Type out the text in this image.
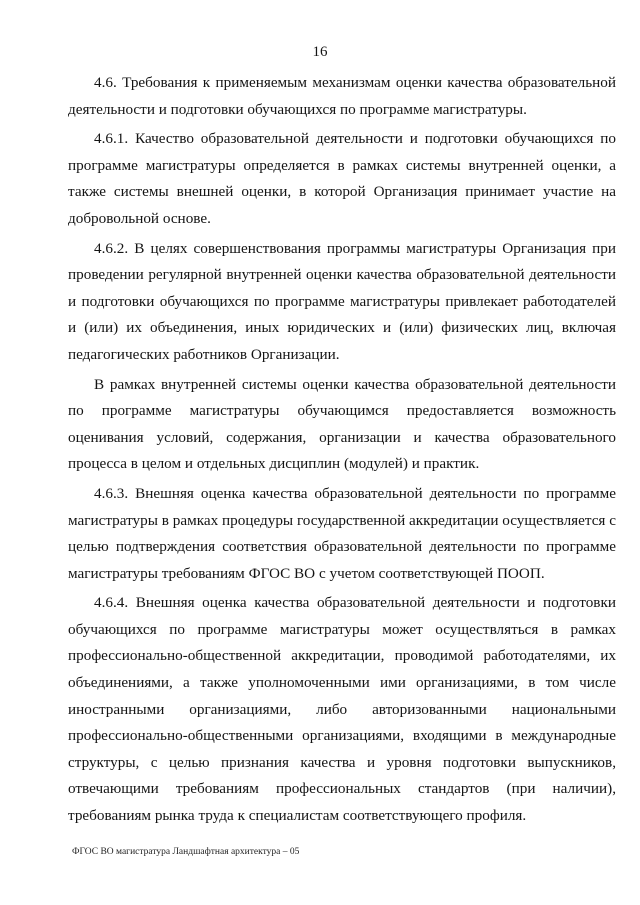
16

4.6. Требования к применяемым механизмам оценки качества образовательной деятельности и подготовки обучающихся по программе магистратуры.

4.6.1. Качество образовательной деятельности и подготовки обучающихся по программе магистратуры определяется в рамках системы внутренней оценки, а также системы внешней оценки, в которой Организация принимает участие на добровольной основе.

4.6.2. В целях совершенствования программы магистратуры Организация при проведении регулярной внутренней оценки качества образовательной деятельности и подготовки обучающихся по программе магистратуры привлекает работодателей и (или) их объединения, иных юридических и (или) физических лиц, включая педагогических работников Организации.

В рамках внутренней системы оценки качества образовательной деятельности по программе магистратуры обучающимся предоставляется возможность оценивания условий, содержания, организации и качества образовательного процесса в целом и отдельных дисциплин (модулей) и практик.

4.6.3. Внешняя оценка качества образовательной деятельности по программе магистратуры в рамках процедуры государственной аккредитации осуществляется с целью подтверждения соответствия образовательной деятельности по программе магистратуры требованиям ФГОС ВО с учетом соответствующей ПООП.

4.6.4. Внешняя оценка качества образовательной деятельности и подготовки обучающихся по программе магистратуры может осуществляться в рамках профессионально-общественной аккредитации, проводимой работодателями, их объединениями, а также уполномоченными ими организациями, в том числе иностранными организациями, либо авторизованными национальными профессионально-общественными организациями, входящими в международные структуры, с целью признания качества и уровня подготовки выпускников, отвечающими требованиям профессиональных стандартов (при наличии), требованиям рынка труда к специалистам соответствующего профиля.

ФГОС ВО магистратура Ландшафтная архитектура – 05
